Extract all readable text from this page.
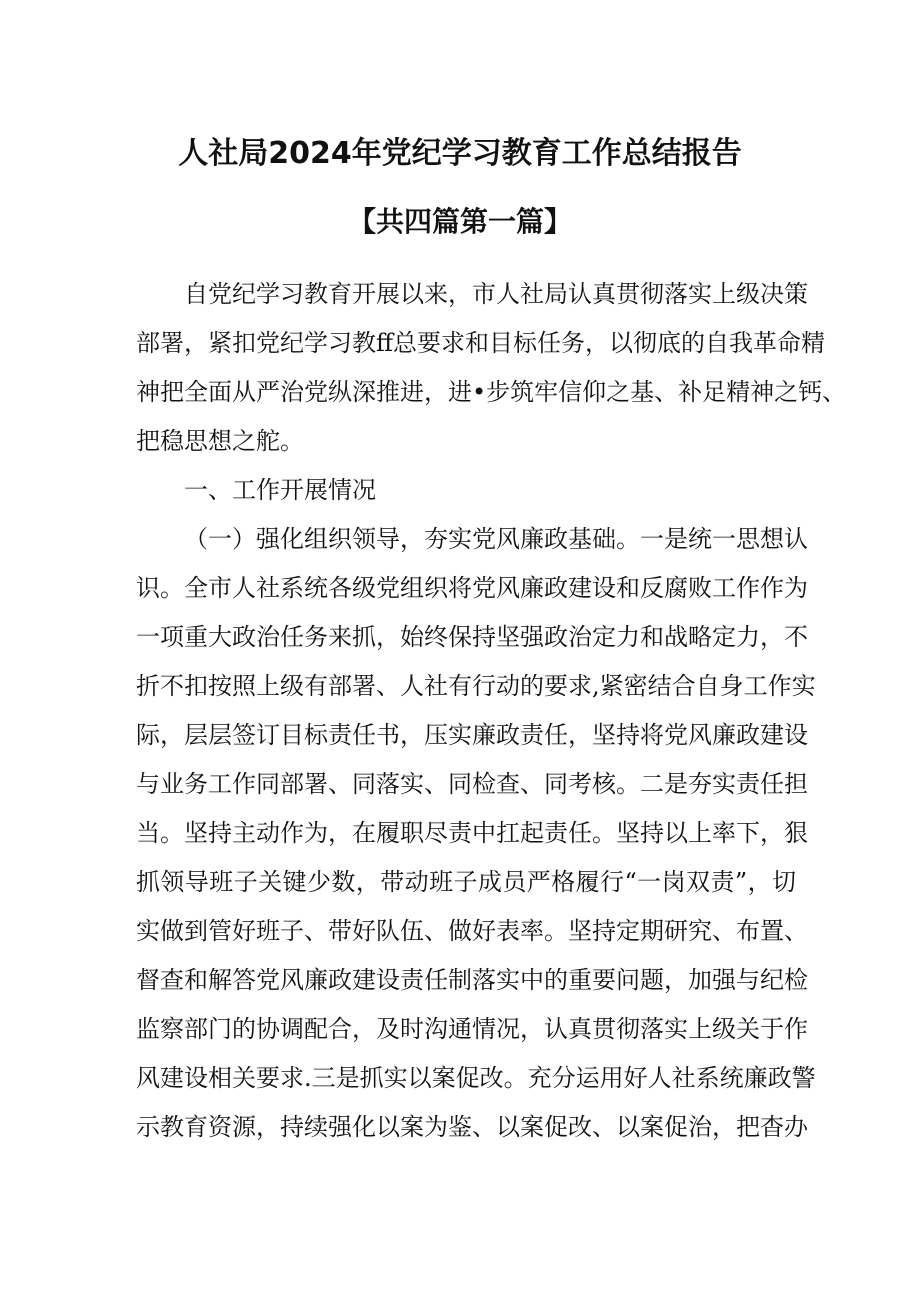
人社局2024年党纪学习教育工作总结报告
【共四篇第一篇】
自党纪学习教育开展以来，市人社局认真贯彻落实上级决策
部署，紧扣党纪学习教ff总要求和目标任务，以彻底的自我革命精
神把全面从严治党纵深推进，进•步筑牢信仰之基、补足精神之钙、
把稳思想之舵。
一、工作开展情况
（一）强化组织领导，夯实党风廉政基础。一是统一思想认
识。全市人社系统各级党组织将党风廉政建设和反腐败工作作为
一项重大政治任务来抓，始终保持坚强政治定力和战略定力，不
折不扣按照上级有部署、人社有行动的要求,紧密结合自身工作实
际，层层签订目标责任书，压实廉政责任，坚持将党风廉政建设
与业务工作同部署、同落实、同检查、同考核。二是夯实责任担
当。坚持主动作为，在履职尽责中扛起责任。坚持以上率下，狠
抓领导班子关键少数，带动班子成员严格履行“一岗双责”，切
实做到管好班子、带好队伍、做好表率。坚持定期研究、布置、
督查和解答党风廉政建设责任制落实中的重要问题，加强与纪检
监察部门的协调配合，及时沟通情况，认真贯彻落实上级关于作
风建设相关要求.三是抓实以案促改。充分运用好人社系统廉政警
示教育资源，持续强化以案为鉴、以案促改、以案促治，把杳办
